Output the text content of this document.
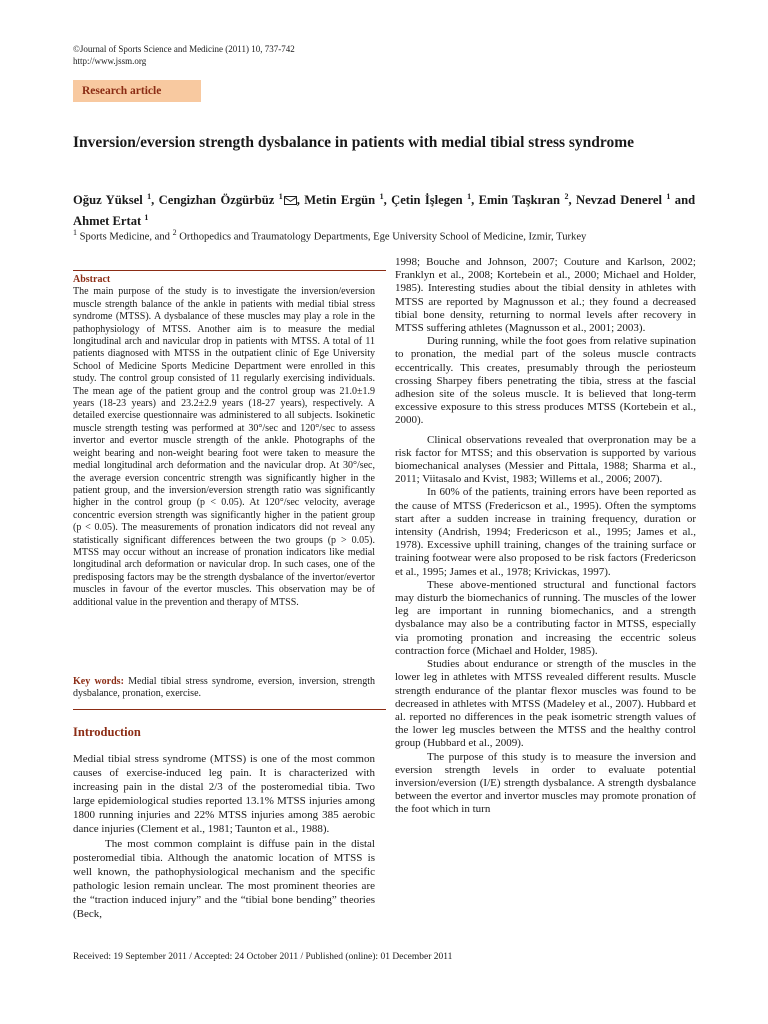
©Journal of Sports Science and Medicine (2011) 10, 737-742
http://www.jssm.org
Research article
Inversion/eversion strength dysbalance in patients with medial tibial stress syndrome
Oğuz Yüksel $^1$, Cengizhan Özgürbüz $^1$ , Metin Ergün $^1$, Çetin İşlegen $^1$, Emin Taşkıran $^2$, Nevzad Denerel $^1$ and Ahmet Ertat $^1$
$^1$ Sports Medicine, and $^2$ Orthopedics and Traumatology Departments, Ege University School of Medicine, Izmir, Turkey
Abstract
The main purpose of the study is to investigate the inversion/eversion muscle strength balance of the ankle in patients with medial tibial stress syndrome (MTSS). A dysbalance of these muscles may play a role in the pathophysiology of MTSS. Another aim is to measure the medial longitudinal arch and navicular drop in patients with MTSS. A total of 11 patients diagnosed with MTSS in the outpatient clinic of Ege University School of Medicine Sports Medicine Department were enrolled in this study. The control group consisted of 11 regularly exercising individuals. The mean age of the patient group and the control group was 21.0±1.9 years (18-23 years) and 23.2±2.9 years (18-27 years), respectively. A detailed exercise questionnaire was administered to all subjects. Isokinetic muscle strength testing was performed at 30°/sec and 120°/sec to assess invertor and evertor muscle strength of the ankle. Photographs of the weight bearing and non-weight bearing foot were taken to measure the medial longitudinal arch deformation and the navicular drop. At 30°/sec, the average eversion concentric strength was significantly higher in the patient group, and the inversion/eversion strength ratio was significantly higher in the control group (p < 0.05). At 120°/sec velocity, average concentric eversion strength was significantly higher in the patient group (p < 0.05). The measurements of pronation indicators did not reveal any statistically significant differences between the two groups (p > 0.05). MTSS may occur without an increase of pronation indicators like medial longitudinal arch deformation or navicular drop. In such cases, one of the predisposing factors may be the strength dysbalance of the invertor/evertor muscles in favour of the evertor muscles. This observation may be of additional value in the prevention and therapy of MTSS.
Key words: Medial tibial stress syndrome, eversion, inversion, strength dysbalance, pronation, exercise.
Introduction

Medial tibial stress syndrome (MTSS) is one of the most common causes of exercise-induced leg pain. It is characterized with increasing pain in the distal 2/3 of the posteromedial tibia. Two large epidemiological studies reported 13.1% MTSS injuries among 1800 running injuries and 22% MTSS injuries among 385 aerobic dance injuries (Clement et al., 1981; Taunton et al., 1988).

The most common complaint is diffuse pain in the distal posteromedial tibia. Although the anatomic location of MTSS is well known, the pathophysiological mechanism and the specific pathologic lesion remain unclear. The most prominent theories are the “traction induced injury” and the “tibial bone bending” theories (Beck,

1998; Bouche and Johnson, 2007; Couture and Karlson, 2002; Franklyn et al., 2008; Kortebein et al., 2000; Michael and Holder, 1985). Interesting studies about the tibial density in athletes with MTSS are reported by Magnusson et al.; they found a decreased tibial bone density, returning to normal levels after recovery in MTSS suffering athletes (Magnusson et al., 2001; 2003).

During running, while the foot goes from relative supination to pronation, the medial part of the soleus muscle contracts eccentrically. This creates, presumably through the periosteum crossing Sharpey fibers penetrating the tibia, stress at the fascial adhesion site of the soleus muscle. It is believed that long-term excessive exposure to this stress produces MTSS (Kortebein et al., 2000).

Clinical observations revealed that overpronation may be a risk factor for MTSS; and this observation is supported by various biomechanical analyses (Messier and Pittala, 1988; Sharma et al., 2011; Viitasalo and Kvist, 1983; Willems et al., 2006; 2007).

In 60% of the patients, training errors have been reported as the cause of MTSS (Fredericson et al., 1995). Often the symptoms start after a sudden increase in training frequency, duration or intensity (Andrish, 1994; Fredericson et al., 1995; James et al., 1978). Excessive uphill training, changes of the training surface or training footwear were also proposed to be risk factors (Fredericson et al., 1995; James et al., 1978; Krivickas, 1997).

These above-mentioned structural and functional factors may disturb the biomechanics of running. The muscles of the lower leg are important in running biomechanics, and a strength dysbalance may also be a contributing factor in MTSS, especially via promoting pronation and increasing the eccentric soleus contraction force (Michael and Holder, 1985).

Studies about endurance or strength of the muscles in the lower leg in athletes with MTSS revealed different results. Muscle strength endurance of the plantar flexor muscles was found to be decreased in athletes with MTSS (Madeley et al., 2007). Hubbard et al. reported no differences in the peak isometric strength values of the lower leg muscles between the MTSS and the healthy control group (Hubbard et al., 2009).

The purpose of this study is to measure the inversion and eversion strength levels in order to evaluate potential inversion/eversion (I/E) strength dysbalance. A strength dysbalance between the evertor and invertor muscles may promote pronation of the foot which in turn

Received: 19 September 2011 / Accepted: 24 October 2011 / Published (online): 01 December 2011
